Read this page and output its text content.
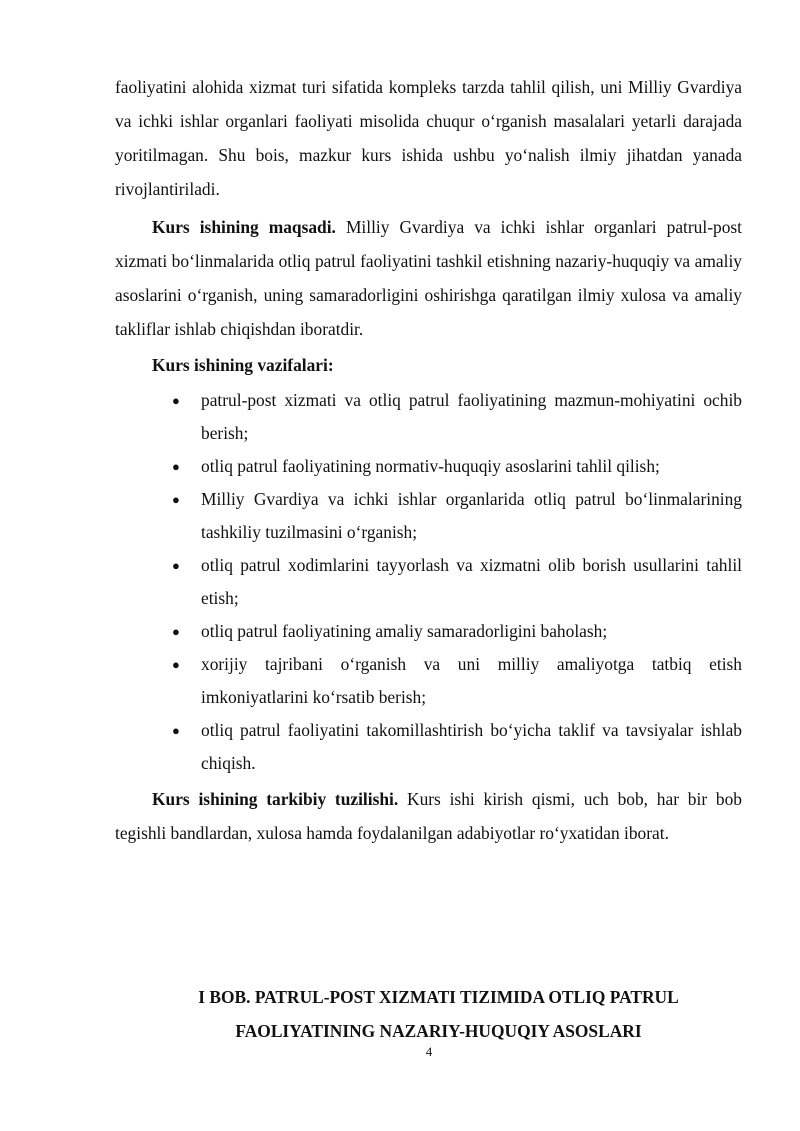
faoliyatini alohida xizmat turi sifatida kompleks tarzda tahlil qilish, uni Milliy Gvardiya va ichki ishlar organlari faoliyati misolida chuqur o‘rganish masalalari yetarli darajada yoritilmagan. Shu bois, mazkur kurs ishida ushbu yo‘nalish ilmiy jihatdan yanada rivojlantiriladi.

Kurs ishining maqsadi. Milliy Gvardiya va ichki ishlar organlari patrul-post xizmati bo‘linmalarida otliq patrul faoliyatini tashkil etishning nazariy-huquqiy va amaliy asoslarini o‘rganish, uning samaradorligini oshirishga qaratilgan ilmiy xulosa va amaliy takliflar ishlab chiqishdan iboratdir.

Kurs ishining vazifalari:

● patrul-post xizmati va otliq patrul faoliyatining mazmun-mohiyatini ochib berish;
● otliq patrul faoliyatining normativ-huquqiy asoslarini tahlil qilish;
● Milliy Gvardiya va ichki ishlar organlarida otliq patrul bo‘linmalarining tashkiliy tuzilmasini o‘rganish;
● otliq patrul xodimlarini tayyorlash va xizmatni olib borish usullarini tahlil etish;
● otliq patrul faoliyatining amaliy samaradorligini baholash;
● xorijiy tajribani o‘rganish va uni milliy amaliyotga tatbiq etish imkoniyatlarini ko‘rsatib berish;
● otliq patrul faoliyatini takomillashtirish bo‘yicha taklif va tavsiyalar ishlab chiqish.

Kurs ishining tarkibiy tuzilishi. Kurs ishi kirish qismi, uch bob, har bir bob tegishli bandlardan, xulosa hamda foydalanilgan adabiyotlar ro‘yxatidan iborat.

I BOB. PATRUL-POST XIZMATI TIZIMIDA OTLIQ PATRUL
FAOLIYATINING NAZARIY-HUQUQIY ASOSLARI
4
